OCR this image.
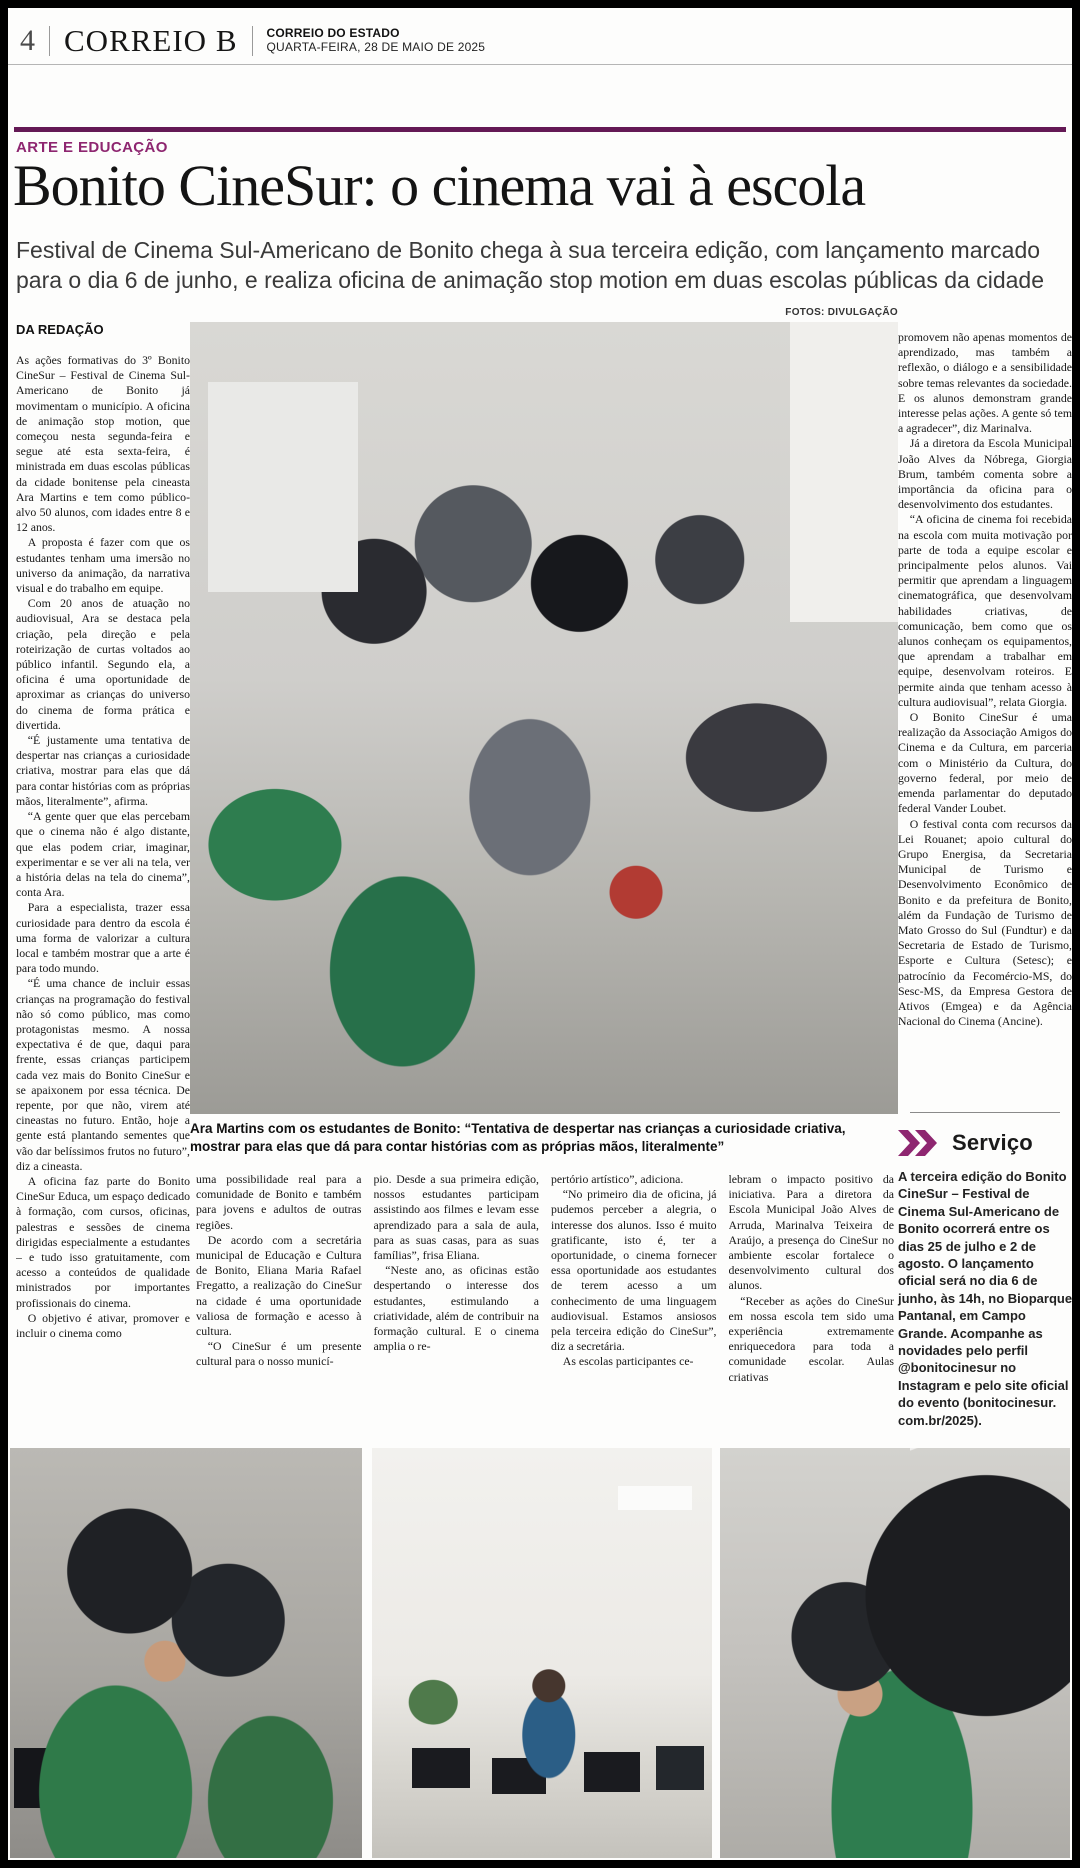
4 CORREIO B CORREIO DO ESTADO
QUARTA-FEIRA, 28 DE MAIO DE 2025
ARTE E EDUCAÇÃO
Bonito CineSur: o cinema vai à escola

Festival de Cinema Sul-Americano de Bonito chega à sua terceira edição, com lançamento marcado para o dia 6 de junho, e realiza oficina de animação stop motion em duas escolas públicas da cidade

DA REDAÇÃO
FOTOS: DIVULGAÇÃO

As ações formativas do 3º Bonito CineSur – Festival de Cinema Sul-Americano de Bonito já movimentam o município. A oficina de animação stop motion, que começou nesta segunda-feira e segue até esta sexta-feira, é ministrada em duas escolas públicas da cidade bonitense pela cineasta Ara Martins e tem como público-alvo 50 alunos, com idades entre 8 e 12 anos.

A proposta é fazer com que os estudantes tenham uma imersão no universo da animação, da narrativa visual e do trabalho em equipe.

Com 20 anos de atuação no audiovisual, Ara se destaca pela criação, pela direção e pela roteirização de curtas voltados ao público infantil. Segundo ela, a oficina é uma oportunidade de aproximar as crianças do universo do cinema de forma prática e divertida.

“É justamente uma tentativa de despertar nas crianças a curiosidade criativa, mostrar para elas que dá para contar histórias com as próprias mãos, literalmente”, afirma.

“A gente quer que elas percebam que o cinema não é algo distante, que elas podem criar, imaginar, experimentar e se ver ali na tela, ver a história delas na tela do cinema”, conta Ara.

Para a especialista, trazer essa curiosidade para dentro da escola é uma forma de valorizar a cultura local e também mostrar que a arte é para todo mundo.

“É uma chance de incluir essas crianças na programação do festival não só como público, mas como protagonistas mesmo. A nossa expectativa é de que, daqui para frente, essas crianças participem cada vez mais do Bonito CineSur e se apaixonem por essa técnica. De repente, por que não, virem até cineastas no futuro. Então, hoje a gente está plantando sementes que vão dar belíssimos frutos no futuro”, diz a cineasta.

A oficina faz parte do Bonito CineSur Educa, um espaço dedicado à formação, com cursos, oficinas, palestras e sessões de cinema dirigidas especialmente a estudantes – e tudo isso gratuitamente, com acesso a conteúdos de qualidade ministrados por importantes profissionais do cinema.

O objetivo é ativar, promover e incluir o cinema como

Ara Martins com os estudantes de Bonito: “Tentativa de despertar nas crianças a curiosidade criativa, mostrar para elas que dá para contar histórias com as próprias mãos, literalmente”

promovem não apenas momentos de aprendizado, mas também a reflexão, o diálogo e a sensibilidade sobre temas relevantes da sociedade. E os alunos demonstram grande interesse pelas ações. A gente só tem a agradecer”, diz Marinalva.

Já a diretora da Escola Municipal João Alves da Nóbrega, Giorgia Brum, também comenta sobre a importância da oficina para o desenvolvimento dos estudantes.

“A oficina de cinema foi recebida na escola com muita motivação por parte de toda a equipe escolar e principalmente pelos alunos. Vai permitir que aprendam a linguagem cinematográfica, que desenvolvam habilidades criativas, de comunicação, bem como que os alunos conheçam os equipamentos, que aprendam a trabalhar em equipe, desenvolvam roteiros. E permite ainda que tenham acesso à cultura audiovisual”, relata Giorgia.

O Bonito CineSur é uma realização da Associação Amigos do Cinema e da Cultura, em parceria com o Ministério da Cultura, do governo federal, por meio de emenda parlamentar do deputado federal Vander Loubet.

O festival conta com recursos da Lei Rouanet; apoio cultural do Grupo Energisa, da Secretaria Municipal de Turismo e Desenvolvimento Econômico de Bonito e da prefeitura de Bonito, além da Fundação de Turismo de Mato Grosso do Sul (Fundtur) e da Secretaria de Estado de Turismo, Esporte e Cultura (Setesc); e patrocínio da Fecomércio-MS, do Sesc-MS, da Empresa Gestora de Ativos (Emgea) e da Agência Nacional do Cinema (Ancine).

uma possibilidade real para a comunidade de Bonito e também para jovens e adultos de outras regiões.

De acordo com a secretária municipal de Educação e Cultura de Bonito, Eliana Maria Rafael Fregatto, a realização do CineSur na cidade é uma oportunidade valiosa de formação e acesso à cultura.

“O CineSur é um presente cultural para o nosso municí-

pio. Desde a sua primeira edição, nossos estudantes participam assistindo aos filmes e levam esse aprendizado para a sala de aula, para as suas casas, para as suas famílias”, frisa Eliana.

“Neste ano, as oficinas estão despertando o interesse dos estudantes, estimulando a criatividade, além de contribuir na formação cultural. E o cinema amplia o re-

pertório artístico”, adiciona.

“No primeiro dia de oficina, já pudemos perceber a alegria, o interesse dos alunos. Isso é muito gratificante, isto é, ter a oportunidade, o cinema fornecer essa oportunidade aos estudantes de terem acesso a um conhecimento de uma linguagem audiovisual. Estamos ansiosos pela terceira edição do CineSur”, diz a secretária.

As escolas participantes ce-

lebram o impacto positivo da iniciativa. Para a diretora da Escola Municipal João Alves de Arruda, Marinalva Teixeira de Araújo, a presença do CineSur no ambiente escolar fortalece o desenvolvimento cultural dos alunos.

“Receber as ações do CineSur em nossa escola tem sido uma experiência extremamente enriquecedora para toda a comunidade escolar. Aulas criativas

Serviço

A terceira edição do Bonito CineSur – Festival de Cinema Sul-Americano de Bonito ocorrerá entre os dias 25 de julho e 2 de agosto. O lançamento oficial será no dia 6 de junho, às 14h, no Bioparque Pantanal, em Campo Grande. Acompanhe as novidades pelo perfil @bonitocinesur no Instagram e pelo site oficial do evento (bonitocinesur. com.br/2025).
